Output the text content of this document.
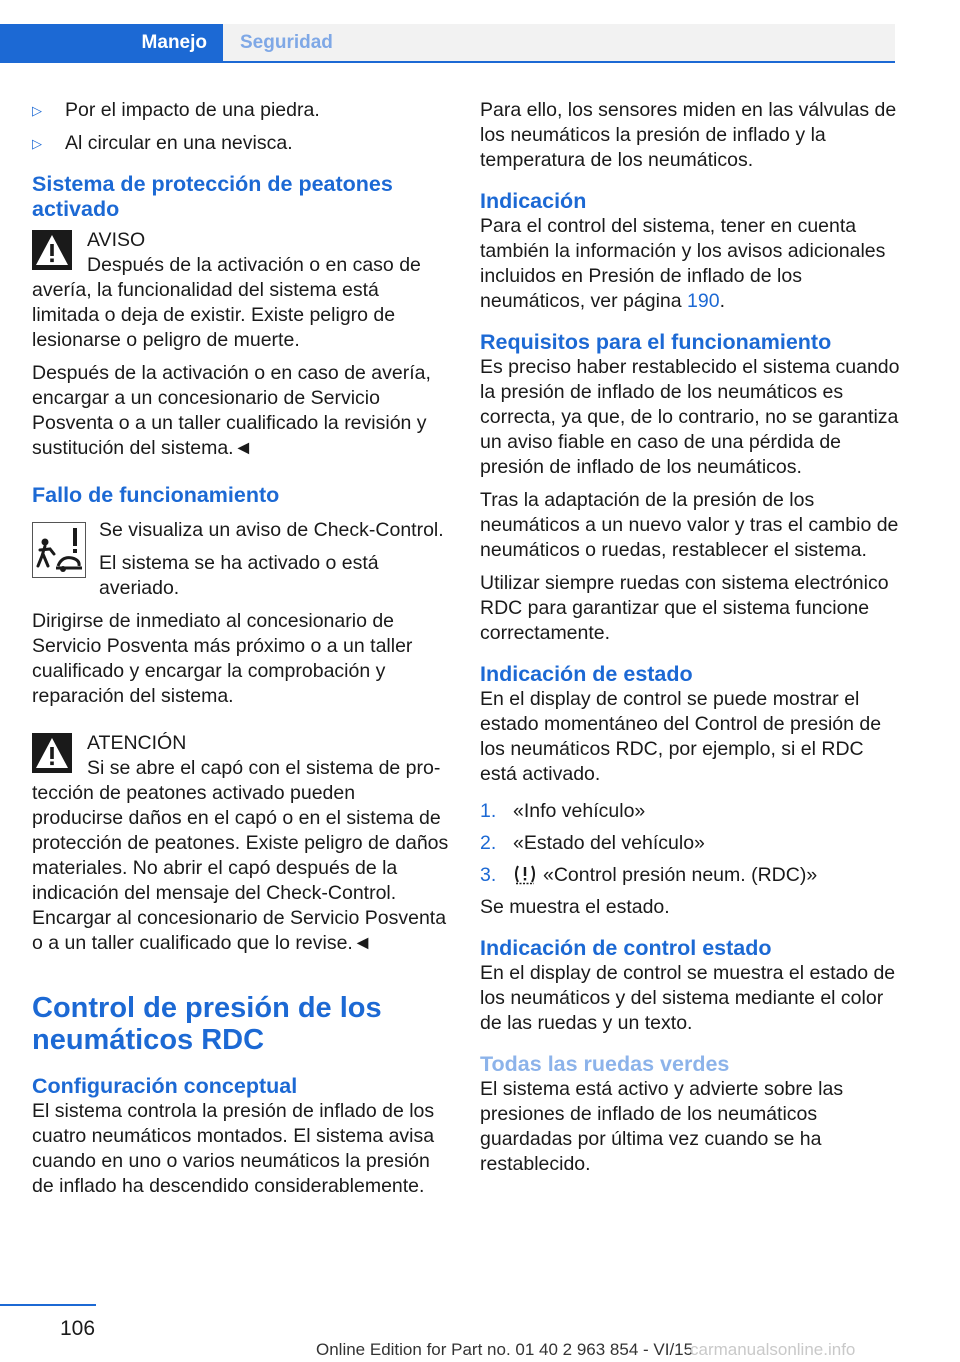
Manejo	Seguridad
▷ Por el impacto de una piedra.
▷ Al circular en una nevisca.
Sistema de protección de peatones activado
AVISO
Después de la activación o en caso de

avería, la funcionalidad del sistema está limitada o deja de existir. Existe peligro de lesionarse o peligro de muerte.

Después de la activación o en caso de avería, encargar a un concesionario de Servicio Posventa o a un taller cualificado la revisión y sustitución del sistema.◄

Fallo de funcionamiento

Se visualiza un aviso de Check-Control.

El sistema se ha activado o está averiado.

Dirigirse de inmediato al concesionario de Servicio Posventa más próximo o a un taller cualificado y encargar la comprobación y reparación del sistema.

ATENCIÓN
Si se abre el capó con el sistema de pro-

tección de peatones activado pueden producirse daños en el capó o en el sistema de protección de peatones. Existe peligro de daños materiales. No abrir el capó después de la indicación del mensaje del Check-Control. Encargar al concesionario de Servicio Posventa o a un taller cualificado que lo revise.◄

Control de presión de los neumáticos RDC
Configuración conceptual

El sistema controla la presión de inflado de los cuatro neumáticos montados. El sistema avisa cuando en uno o varios neumáticos la presión de inflado ha descendido considerablemente.

Para ello, los sensores miden en las válvulas de los neumáticos la presión de inflado y la temperatura de los neumáticos.

Indicación

Para el control del sistema, tener en cuenta también la información y los avisos adicionales incluidos en Presión de inflado de los neumáticos, ver página 190.

Requisitos para el funcionamiento

Es preciso haber restablecido el sistema cuando la presión de inflado de los neumáticos es correcta, ya que, de lo contrario, no se garantiza un aviso fiable en caso de una pérdida de presión de inflado de los neumáticos.

Tras la adaptación de la presión de los neumáticos a un nuevo valor y tras el cambio de neumáticos o ruedas, restablecer el sistema.

Utilizar siempre ruedas con sistema electrónico RDC para garantizar que el sistema funcione correctamente.

Indicación de estado

En el display de control se puede mostrar el estado momentáneo del Control de presión de los neumáticos RDC, por ejemplo, si el RDC está activado.

1. «Info vehículo»
2. «Estado del vehículo»
3. «Control presión neum. (RDC)»

Se muestra el estado.

Indicación de control estado

En el display de control se muestra el estado de los neumáticos y del sistema mediante el color de las ruedas y un texto.

Todas las ruedas verdes

El sistema está activo y advierte sobre las presiones de inflado de los neumáticos guardadas por última vez cuando se ha restablecido.

106
Online Edition for Part no. 01 40 2 963 854 - VI/15
carmanualsonline.info
